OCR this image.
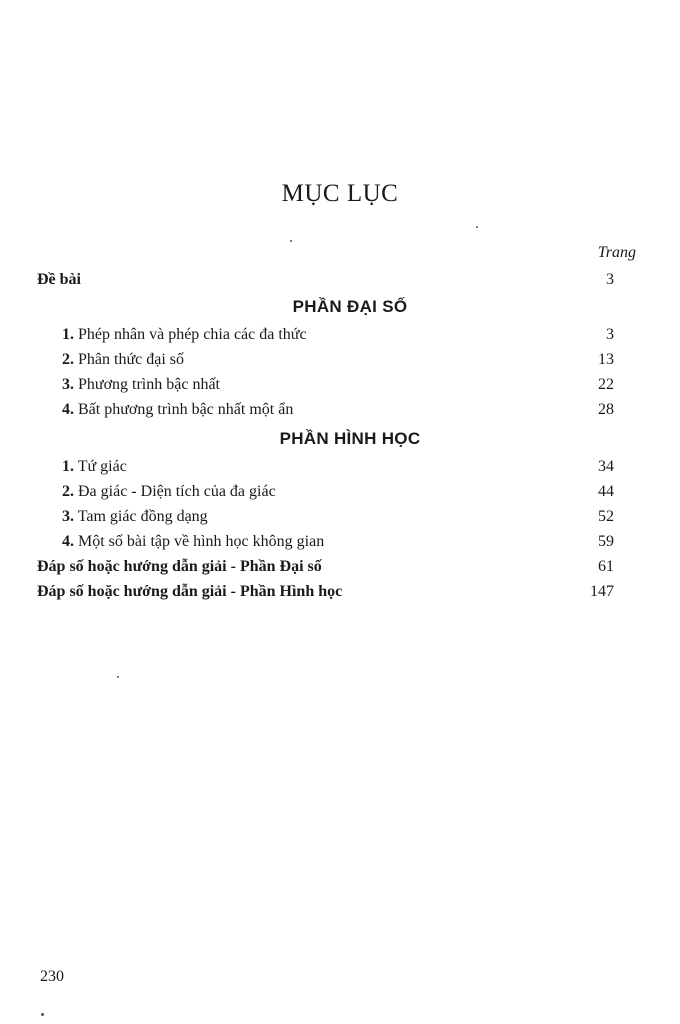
MỤC LỤC
Trang
Đề bài	3
PHẦN ĐẠI SỐ
1. Phép nhân và phép chia các đa thức	3
2. Phân thức đại số	13
3. Phương trình bậc nhất	22
4. Bất phương trình bậc nhất một ẩn	28
PHẦN HÌNH HỌC
1. Tứ giác	34
2. Đa giác - Diện tích của đa giác	44
3. Tam giác đồng dạng	52
4. Một số bài tập về hình học không gian	59
Đáp số hoặc hướng dẫn giải - Phần Đại số	61
Đáp số hoặc hướng dẫn giải - Phần Hình học	147
230
